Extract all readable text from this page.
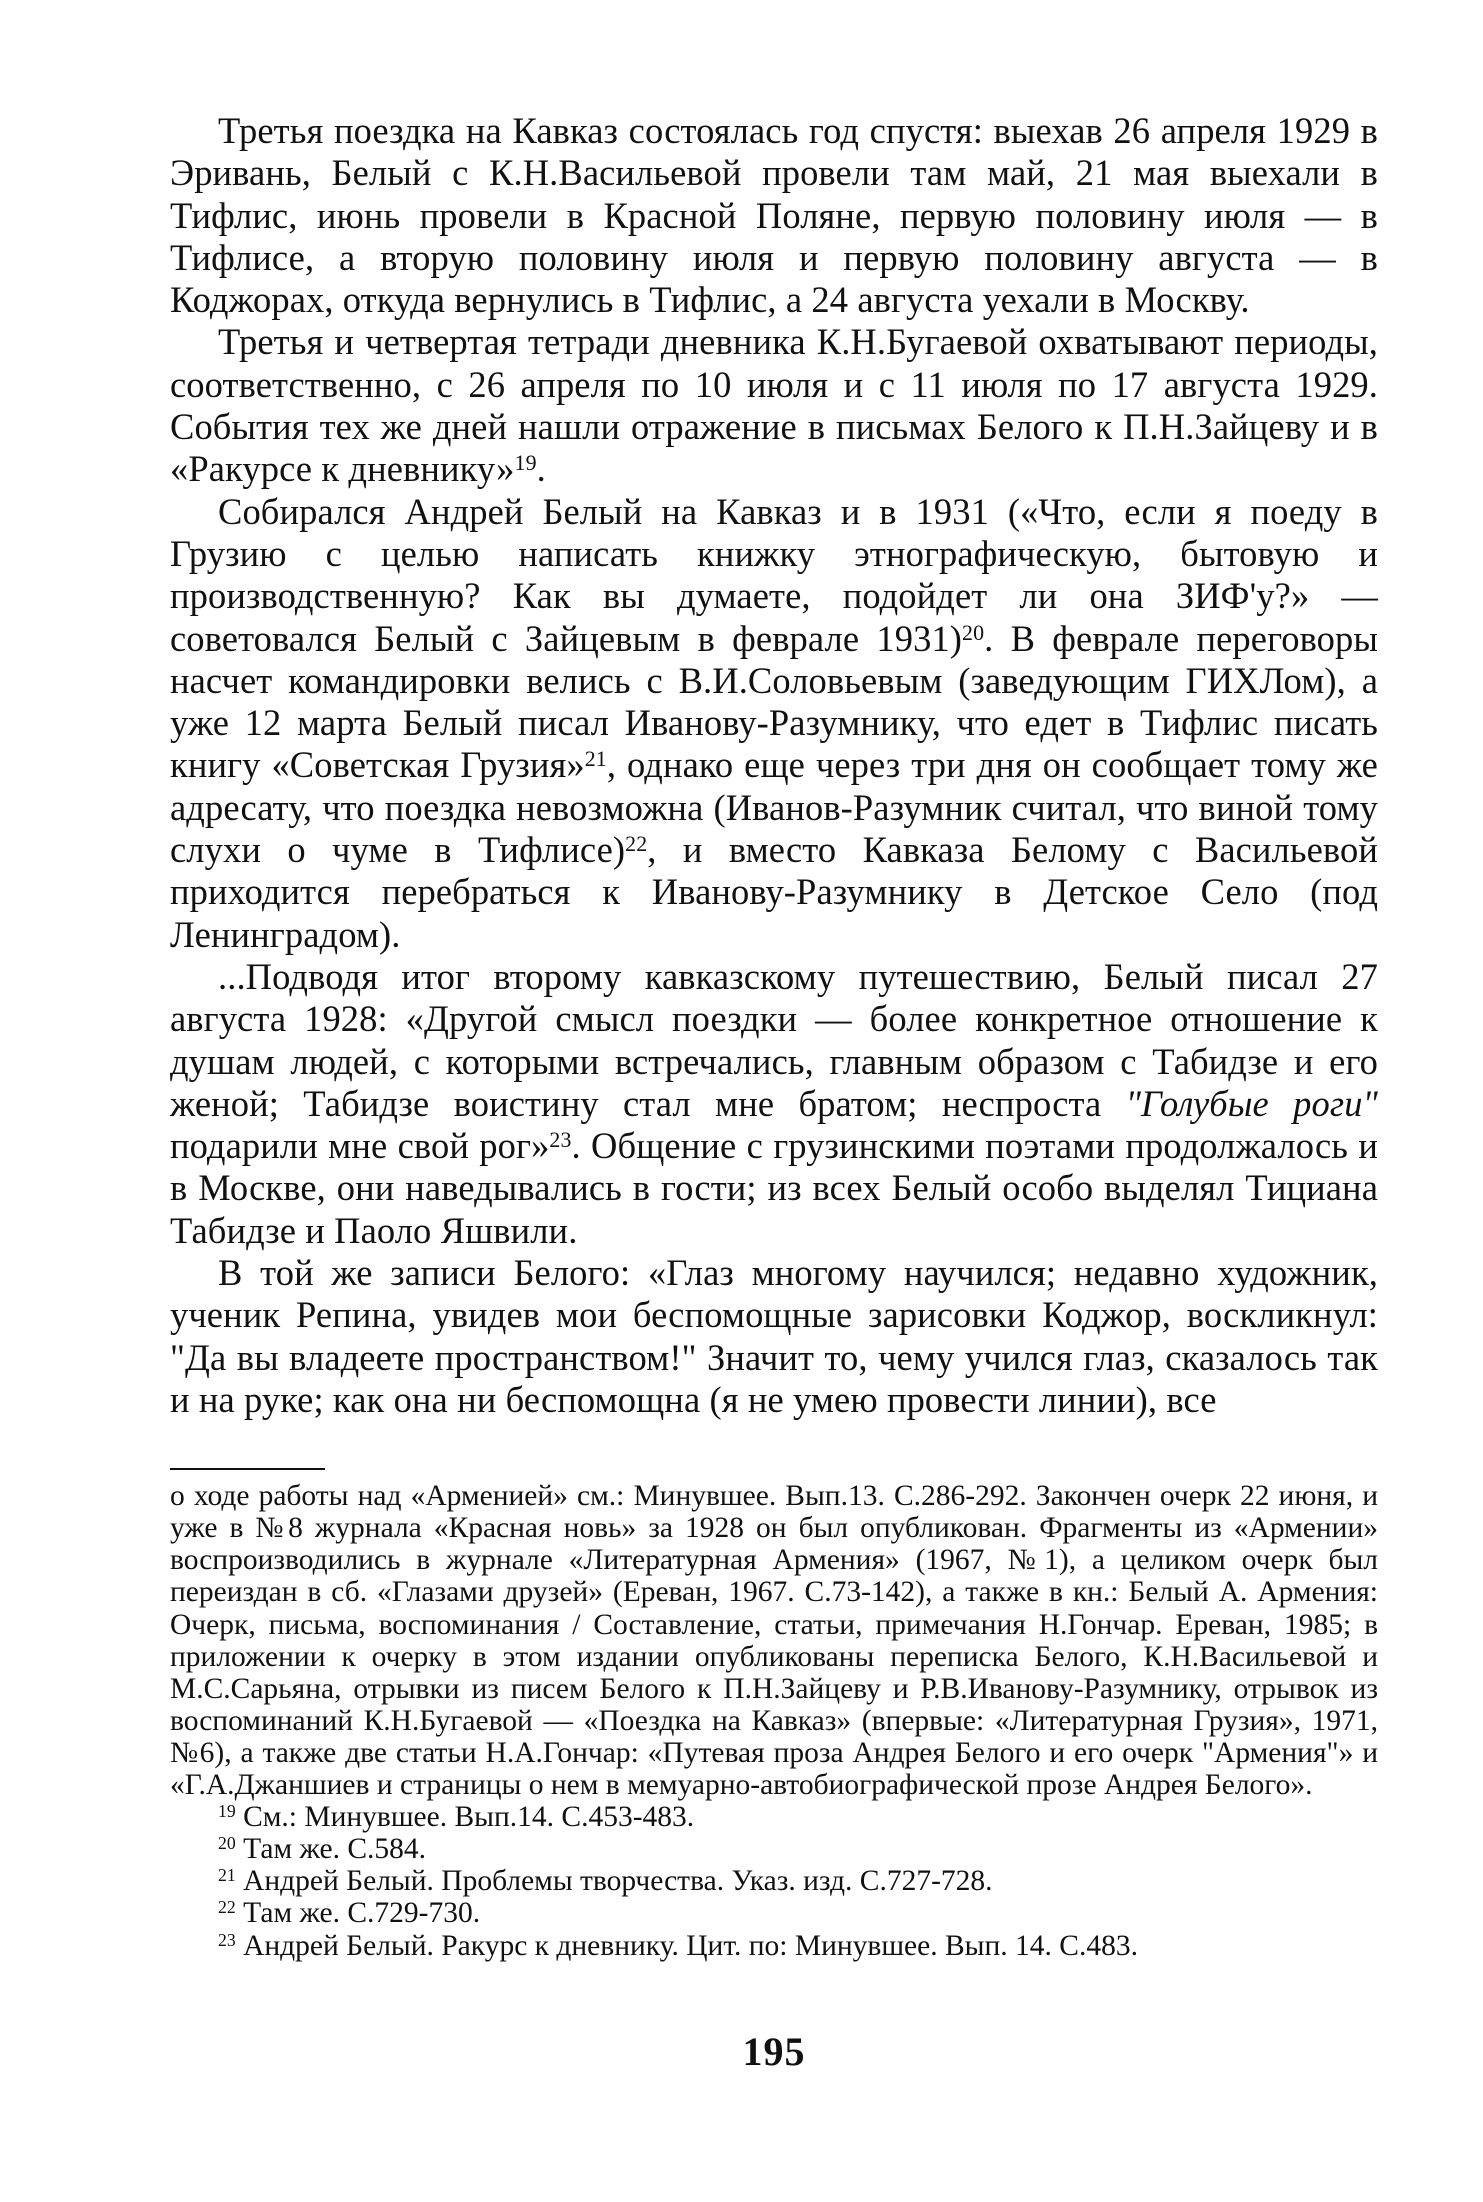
Третья поездка на Кавказ состоялась год спустя: выехав 26 апреля 1929 в Эривань, Белый с К.Н.Васильевой провели там май, 21 мая выехали в Тифлис, июнь провели в Красной Поляне, первую половину июля — в Тифлисе, а вторую половину июля и первую половину августа — в Коджорах, откуда вернулись в Тифлис, а 24 августа уехали в Москву.

Третья и четвертая тетради дневника К.Н.Бугаевой охватывают периоды, соответственно, с 26 апреля по 10 июля и с 11 июля по 17 августа 1929. События тех же дней нашли отражение в письмах Белого к П.Н.Зайцеву и в «Ракурсе к дневнику»$^{19}$.

Собирался Андрей Белый на Кавказ и в 1931 («Что, если я поеду в Грузию с целью написать книжку этнографическую, бытовую и производственную? Как вы думаете, подойдет ли она ЗИФ'у?» — советовался Белый с Зайцевым в феврале 1931)$^{20}$. В феврале переговоры насчет командировки велись с В.И.Соловьевым (заведующим ГИХЛом), а уже 12 марта Белый писал Иванову-Разумнику, что едет в Тифлис писать книгу «Советская Грузия»$^{21}$, однако еще через три дня он сообщает тому же адресату, что поездка невозможна (Иванов-Разумник считал, что виной тому слухи о чуме в Тифлисе)$^{22}$, и вместо Кавказа Белому с Васильевой приходится перебраться к Иванову-Разумнику в Детское Село (под Ленинградом).

...Подводя итог второму кавказскому путешествию, Белый писал 27 августа 1928: «Другой смысл поездки — более конкретное отношение к душам людей, с которыми встречались, главным образом с Табидзе и его женой; Табидзе воистину стал мне братом; неспроста "Голубые роги" подарили мне свой рог»$^{23}$. Общение с грузинскими поэтами продолжалось и в Москве, они наведывались в гости; из всех Белый особо выделял Тициана Табидзе и Паоло Яшвили.

В той же записи Белого: «Глаз многому научился; недавно художник, ученик Репина, увидев мои беспомощные зарисовки Коджор, воскликнул: "Да вы владеете пространством!" Значит то, чему учился глаз, сказалось так и на руке; как она ни беспомощна (я не умею провести линии), все

о ходе работы над «Арменией» см.: Минувшее. Вып.13. С.286-292. Закончен очерк 22 июня, и уже в №8 журнала «Красная новь» за 1928 он был опубликован. Фрагменты из «Армении» воспроизводились в журнале «Литературная Армения» (1967, №1), а целиком очерк был переиздан в сб. «Глазами друзей» (Ереван, 1967. С.73-142), а также в кн.: Белый А. Армения: Очерк, письма, воспоминания / Составление, статьи, примечания Н.Гончар. Ереван, 1985; в приложении к очерку в этом издании опубликованы переписка Белого, К.Н.Васильевой и М.С.Сарьяна, отрывки из писем Белого к П.Н.Зайцеву и Р.В.Иванову-Разумнику, отрывок из воспоминаний К.Н.Бугаевой — «Поездка на Кавказ» (впервые: «Литературная Грузия», 1971, №6), а также две статьи Н.А.Гончар: «Путевая проза Андрея Белого и его очерк "Армения"» и «Г.А.Джаншиев и страницы о нем в мемуарно-автобиографической прозе Андрея Белого».

$^{19}$ См.: Минувшее. Вып.14. С.453-483.

$^{20}$ Там же. С.584.

$^{21}$ Андрей Белый. Проблемы творчества. Указ. изд. С.727-728.

$^{22}$ Там же. С.729-730.

$^{23}$ Андрей Белый. Ракурс к дневнику. Цит. по: Минувшее. Вып. 14. С.483.

195
